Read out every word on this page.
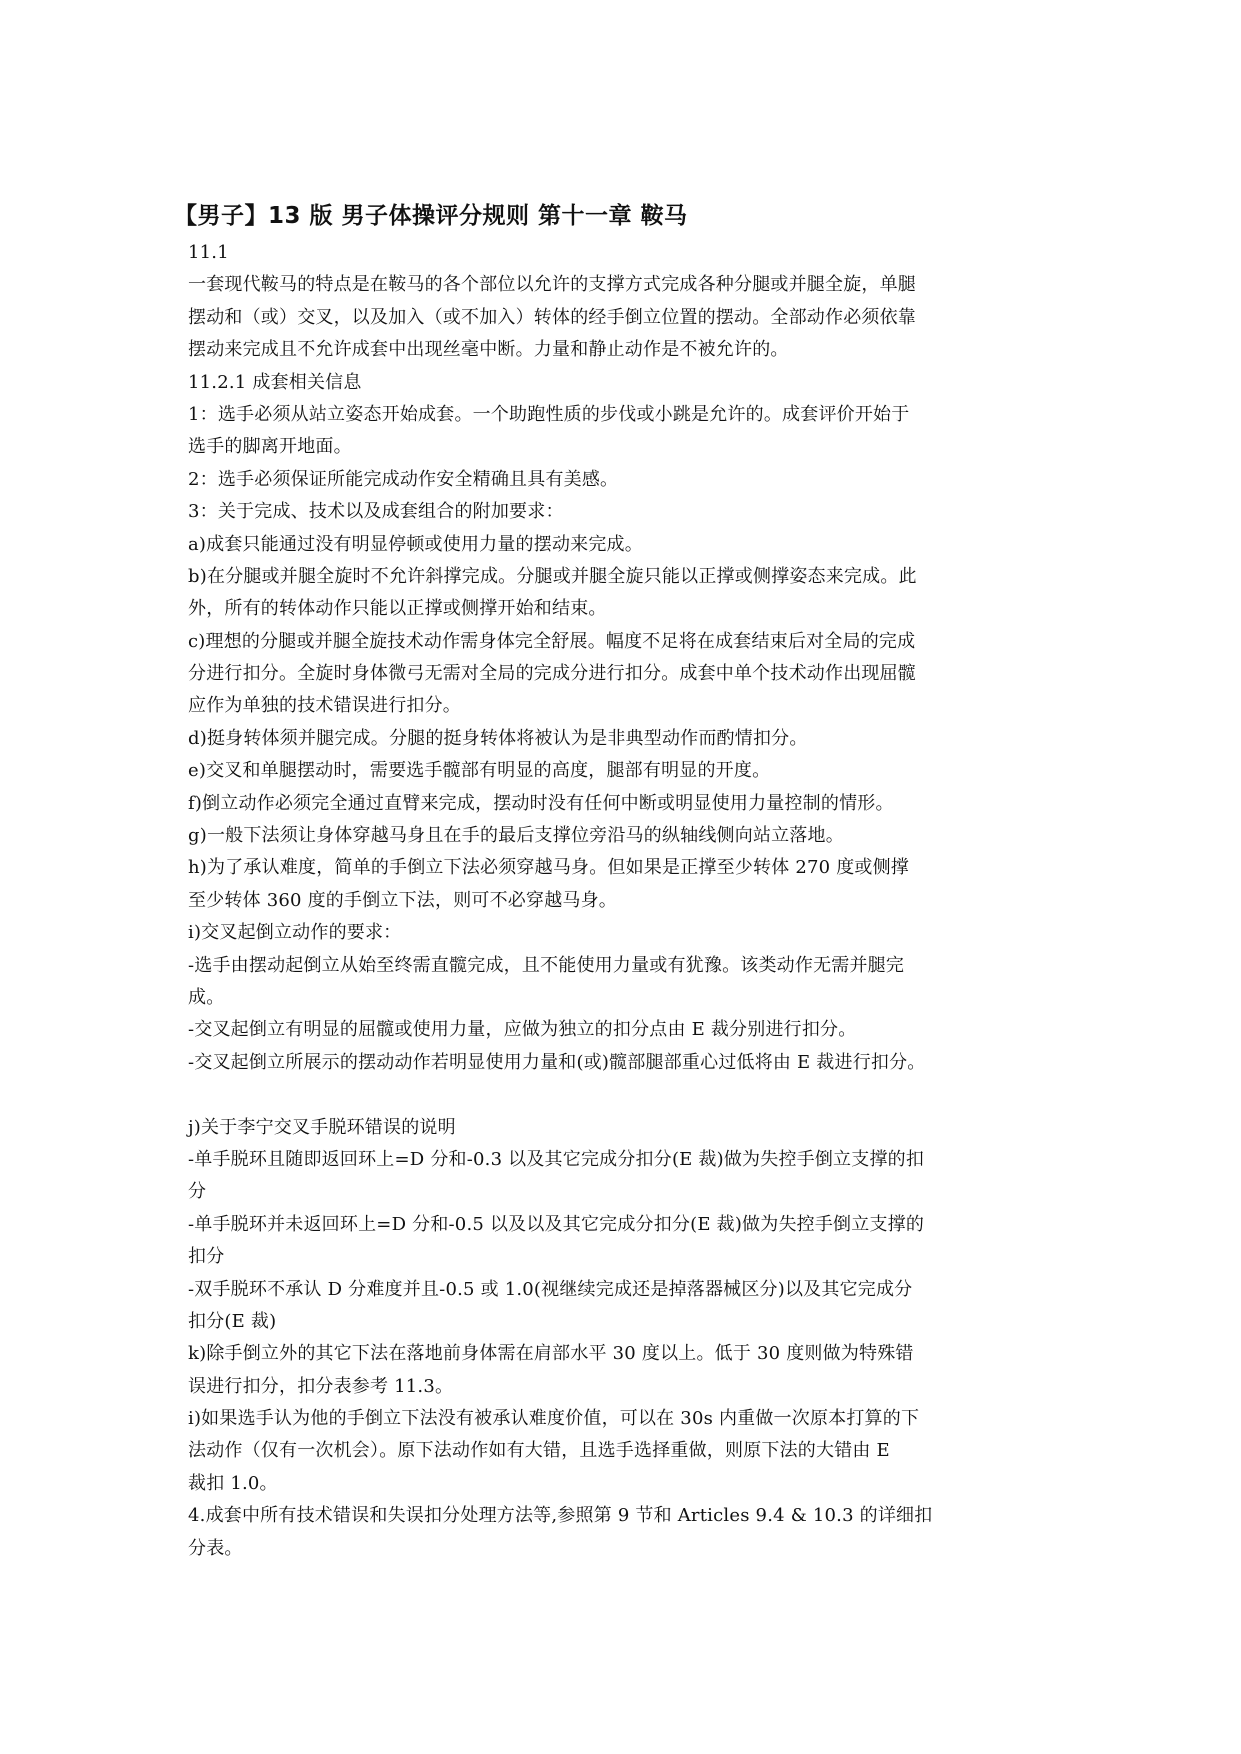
【男子】13 版 男子体操评分规则 第十一章 鞍马
11.1
一套现代鞍马的特点是在鞍马的各个部位以允许的支撑方式完成各种分腿或并腿全旋，单腿
摆动和（或）交叉，以及加入（或不加入）转体的经手倒立位置的摆动。全部动作必须依靠
摆动来完成且不允许成套中出现丝毫中断。力量和静止动作是不被允许的。
11.2.1 成套相关信息
1：选手必须从站立姿态开始成套。一个助跑性质的步伐或小跳是允许的。成套评价开始于
选手的脚离开地面。
2：选手必须保证所能完成动作安全精确且具有美感。
3：关于完成、技术以及成套组合的附加要求：
a)成套只能通过没有明显停顿或使用力量的摆动来完成。
b)在分腿或并腿全旋时不允许斜撑完成。分腿或并腿全旋只能以正撑或侧撑姿态来完成。此
外，所有的转体动作只能以正撑或侧撑开始和结束。
c)理想的分腿或并腿全旋技术动作需身体完全舒展。幅度不足将在成套结束后对全局的完成
分进行扣分。全旋时身体微弓无需对全局的完成分进行扣分。成套中单个技术动作出现屈髋
应作为单独的技术错误进行扣分。
d)挺身转体须并腿完成。分腿的挺身转体将被认为是非典型动作而酌情扣分。
e)交叉和单腿摆动时，需要选手髋部有明显的高度，腿部有明显的开度。
f)倒立动作必须完全通过直臂来完成，摆动时没有任何中断或明显使用力量控制的情形。
g)一般下法须让身体穿越马身且在手的最后支撑位旁沿马的纵轴线侧向站立落地。
h)为了承认难度，简单的手倒立下法必须穿越马身。但如果是正撑至少转体 270 度或侧撑
至少转体 360 度的手倒立下法，则可不必穿越马身。
i)交叉起倒立动作的要求：
-选手由摆动起倒立从始至终需直髋完成，且不能使用力量或有犹豫。该类动作无需并腿完
成。
-交叉起倒立有明显的屈髋或使用力量，应做为独立的扣分点由 E 裁分别进行扣分。
-交叉起倒立所展示的摆动动作若明显使用力量和(或)髋部腿部重心过低将由 E 裁进行扣分。
j)关于李宁交叉手脱环错误的说明
-单手脱环且随即返回环上=D 分和-0.3 以及其它完成分扣分(E 裁)做为失控手倒立支撑的扣
分
-单手脱环并未返回环上=D 分和-0.5 以及以及其它完成分扣分(E 裁)做为失控手倒立支撑的
扣分
-双手脱环不承认 D 分难度并且-0.5 或 1.0(视继续完成还是掉落器械区分)以及其它完成分
扣分(E 裁)
k)除手倒立外的其它下法在落地前身体需在肩部水平 30 度以上。低于 30 度则做为特殊错
误进行扣分，扣分表参考 11.3。
i)如果选手认为他的手倒立下法没有被承认难度价值，可以在 30s 内重做一次原本打算的下
法动作（仅有一次机会）。原下法动作如有大错，且选手选择重做，则原下法的大错由 E
裁扣 1.0。
4.成套中所有技术错误和失误扣分处理方法等,参照第 9 节和 Articles 9.4 & 10.3 的详细扣
分表。
